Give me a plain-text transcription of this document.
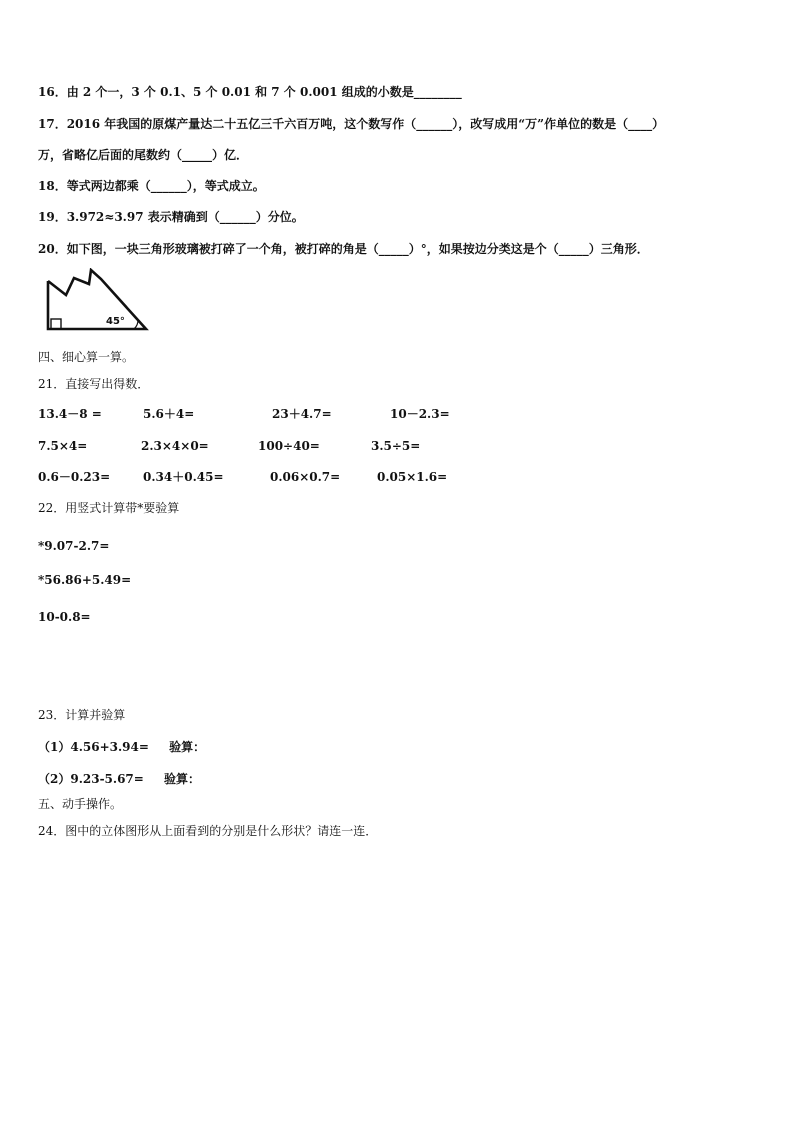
16．由 2 个一，3 个 0.1、5 个 0.01 和 7 个 0.001 组成的小数是________
17．2016 年我国的原煤产量达二十五亿三千六百万吨，这个数写作（______），改写成用“万”作单位的数是（____）
万，省略亿后面的尾数约（_____）亿．
18．等式两边都乘（______），等式成立。
19．3.972≈3.97 表示精确到（______）分位。
20．如下图，一块三角形玻璃被打碎了一个角，被打碎的角是（_____）°，如果按边分类这是个（_____）三角形．
45°
四、细心算一算。
21．直接写出得数．
13.4－8 =	5.6＋4=	23＋4.7=	10－2.3=
7.5×4=	2.3×4×0=	100÷40=	3.5÷5=
0.6－0.23=	0.34＋0.45=	0.06×0.7=	0.05×1.6=
22．用竖式计算带*要验算
*9.07-2.7=
*56.86+5.49=
10-0.8=
23．计算并验算
（1）4.56+3.94= 验算：
（2）9.23-5.67= 验算：
五、动手操作。
24．图中的立体图形从上面看到的分别是什么形状？请连一连．
